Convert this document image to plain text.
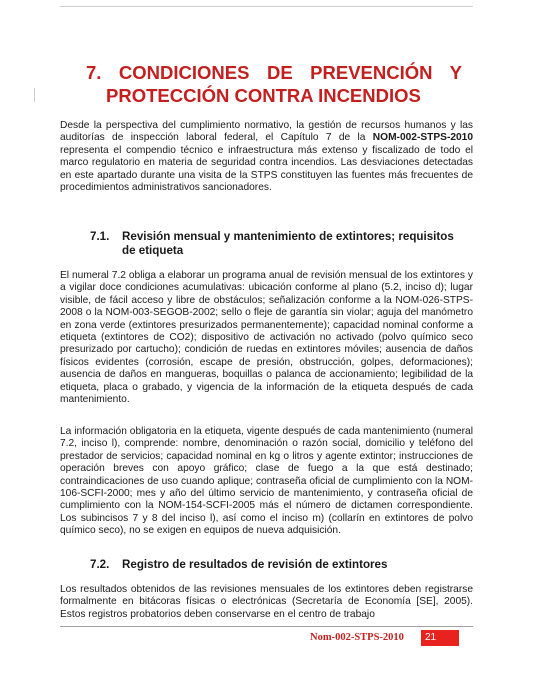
7. CONDICIONES DE PREVENCIÓN Y
PROTECCIÓN CONTRA INCENDIOS

Desde la perspectiva del cumplimiento normativo, la gestión de recursos humanos y las auditorías de inspección laboral federal, el Capítulo 7 de la NOM-002-STPS-2010 representa el compendio técnico e infraestructura más extenso y fiscalizado de todo el marco regulatorio en materia de seguridad contra incendios. Las desviaciones detectadas en este apartado durante una visita de la STPS constituyen las fuentes más frecuentes de procedimientos administrativos sancionadores.

7.1.	Revisión mensual y mantenimiento de extintores; requisitos de etiqueta

El numeral 7.2 obliga a elaborar un programa anual de revisión mensual de los extintores y a vigilar doce condiciones acumulativas: ubicación conforme al plano (5.2, inciso d); lugar visible, de fácil acceso y libre de obstáculos; señalización conforme a la NOM-026-STPS-2008 o la NOM-003-SEGOB-2002; sello o fleje de garantía sin violar; aguja del manómetro en zona verde (extintores presurizados permanentemente); capacidad nominal conforme a etiqueta (extintores de CO2); dispositivo de activación no activado (polvo químico seco presurizado por cartucho); condición de ruedas en extintores móviles; ausencia de daños físicos evidentes (corrosión, escape de presión, obstrucción, golpes, deformaciones); ausencia de daños en mangueras, boquillas o palanca de accionamiento; legibilidad de la etiqueta, placa o grabado, y vigencia de la información de la etiqueta después de cada mantenimiento.

La información obligatoria en la etiqueta, vigente después de cada mantenimiento (numeral 7.2, inciso l), comprende: nombre, denominación o razón social, domicilio y teléfono del prestador de servicios; capacidad nominal en kg o litros y agente extintor; instrucciones de operación breves con apoyo gráfico; clase de fuego a la que está destinado; contraindicaciones de uso cuando aplique; contraseña oficial de cumplimiento con la NOM-106-SCFI-2000; mes y año del último servicio de mantenimiento, y contraseña oficial de cumplimiento con la NOM-154-SCFI-2005 más el número de dictamen correspondiente. Los subincisos 7 y 8 del inciso l), así como el inciso m) (collarín en extintores de polvo químico seco), no se exigen en equipos de nueva adquisición.

7.2.	Registro de resultados de revisión de extintores

Los resultados obtenidos de las revisiones mensuales de los extintores deben registrarse formalmente en bitácoras físicas o electrónicas (Secretaría de Economía [SE], 2005). Estos registros probatorios deben conservarse en el centro de trabajo

Nom-002-STPS-2010	21
